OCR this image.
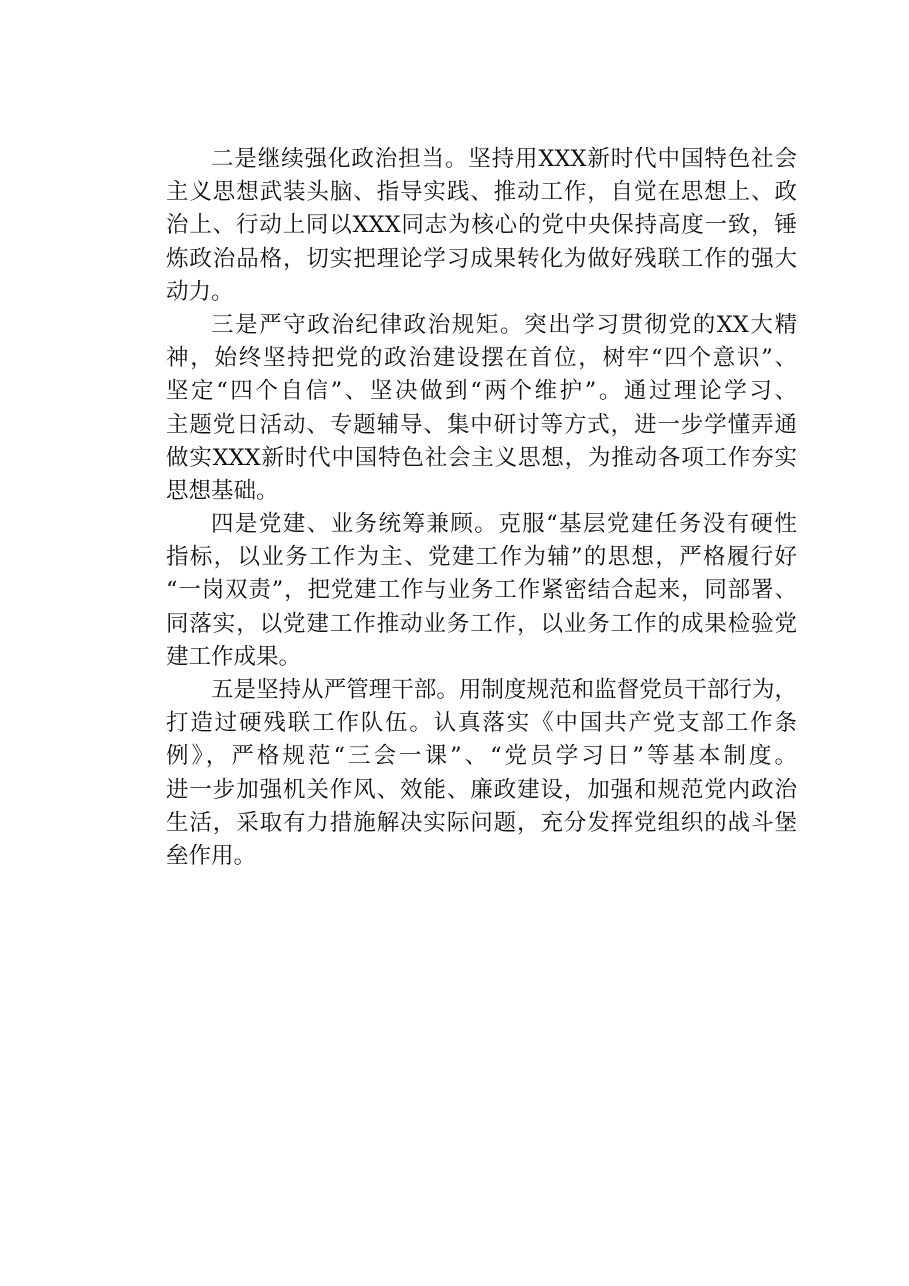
二是继续强化政治担当。坚持用XXX新时代中国特色社会
主义思想武装头脑、指导实践、推动工作，自觉在思想上、政
治上、行动上同以XXX同志为核心的党中央保持高度一致，锤
炼政治品格，切实把理论学习成果转化为做好残联工作的强大
动力。
三是严守政治纪律政治规矩。突出学习贯彻党的XX大精
神，始终坚持把党的政治建设摆在首位，树牢“四个意识”、
坚定“四个自信”、坚决做到“两个维护”。通过理论学习、
主题党日活动、专题辅导、集中研讨等方式，进一步学懂弄通
做实XXX新时代中国特色社会主义思想，为推动各项工作夯实
思想基础。
四是党建、业务统筹兼顾。克服“基层党建任务没有硬性
指标，以业务工作为主、党建工作为辅”的思想，严格履行好
“一岗双责”，把党建工作与业务工作紧密结合起来，同部署、
同落实，以党建工作推动业务工作，以业务工作的成果检验党
建工作成果。
五是坚持从严管理干部。用制度规范和监督党员干部行为，
打造过硬残联工作队伍。认真落实《中国共产党支部工作条
例》，严格规范“三会一课”、“党员学习日”等基本制度。
进一步加强机关作风、效能、廉政建设，加强和规范党内政治
生活，采取有力措施解决实际问题，充分发挥党组织的战斗堡
垒作用。
